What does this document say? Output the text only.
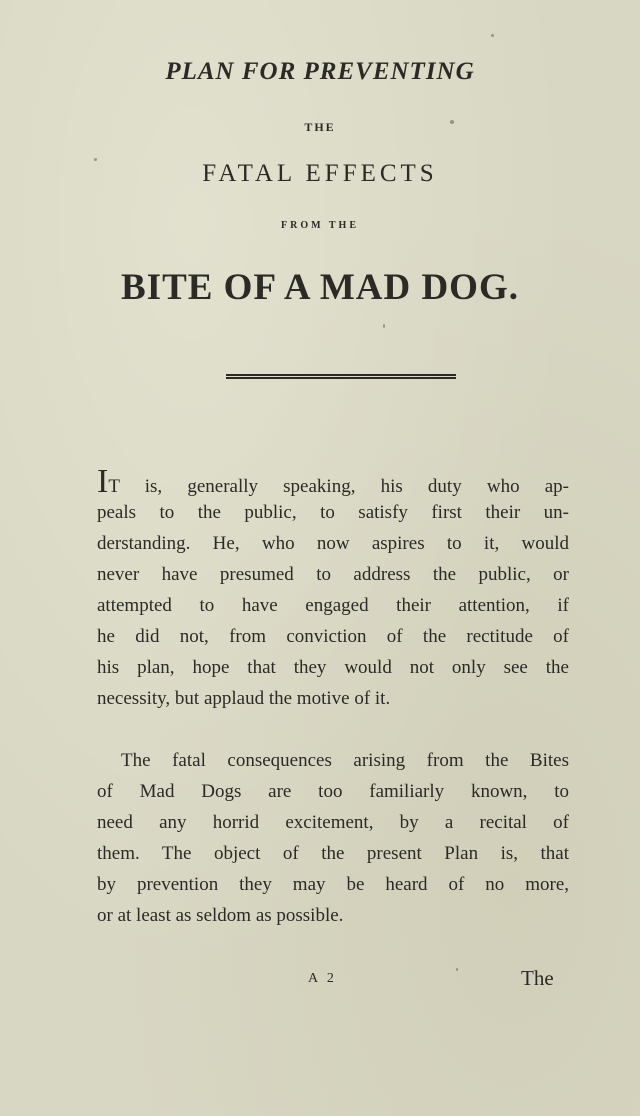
PLAN FOR PREVENTING
THE
FATAL EFFECTS
FROM THE
BITE OF A MAD DOG.
IT is, generally speaking, his duty who ap-
peals to the public, to satisfy first their un-
derstanding. He, who now aspires to it, would
never have presumed to address the public, or
attempted to have engaged their attention, if
he did not, from conviction of the rectitude of
his plan, hope that they would not only see the
necessity, but applaud the motive of it.
The fatal consequences arising from the Bites
of Mad Dogs are too familiarly known, to
need any horrid excitement, by a recital of
them. The object of the present Plan is, that
by prevention they may be heard of no more,
or at least as seldom as possible.
A 2	The
